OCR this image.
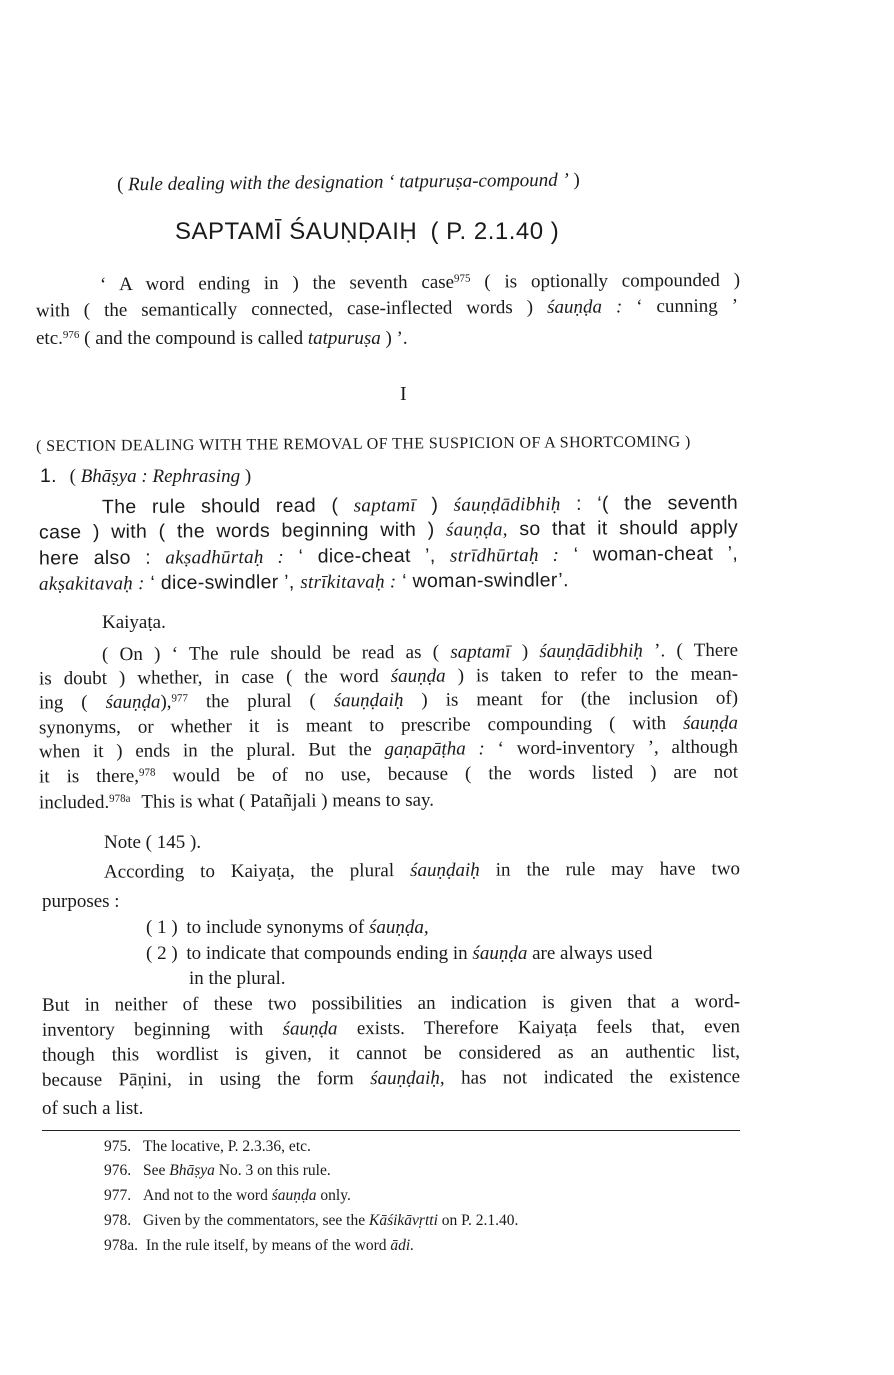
( Rule dealing with the designation ‘ tatpuruṣa-compound ’ )
SAPTAMĪ ŚAUṆḌAIḤ ( P. 2.1.40 )
‘ A word ending in ) the seventh case$^{975}$ ( is optionally compounded )
with ( the semantically connected, case-inflected words ) śauṇḍa : ‘ cunning ’
etc.$^{976}$ ( and the compound is called tatpuruṣa ) ’.
I
( SECTION DEALING WITH THE REMOVAL OF THE SUSPICION OF A SHORTCOMING )
1. ( Bhāṣya : Rephrasing )
The rule should read ( saptamī ) śauṇḍādibhiḥ : ‘( the seventh
case ) with ( the words beginning with ) śauṇḍa, so that it should apply
here also : akṣadhūrtaḥ : ‘ dice-cheat ’, strīdhūrtaḥ : ‘ woman-cheat ’,
akṣakitavaḥ : ‘ dice-swindler ’, strīkitavaḥ : ‘ woman-swindler’.
Kaiyaṭa.
( On ) ‘ The rule should be read as ( saptamī ) śauṇḍādibhiḥ ’. ( There
is doubt ) whether, in case ( the word śauṇḍa ) is taken to refer to the mean-
ing ( śauṇḍa),$^{977}$ the plural ( śauṇḍaiḥ ) is meant for (the inclusion of)
synonyms, or whether it is meant to prescribe compounding ( with śauṇḍa
when it ) ends in the plural. But the gaṇapāṭha : ‘ word-inventory ’, although
it is there,$^{978}$ would be of no use, because ( the words listed ) are not
included.$^{978a}$ This is what ( Patañjali ) means to say.
Note ( 145 ).
According to Kaiyaṭa, the plural śauṇḍaiḥ in the rule may have two
purposes :
( 1 ) to include synonyms of śauṇḍa,
( 2 ) to indicate that compounds ending in śauṇḍa are always used
in the plural.
But in neither of these two possibilities an indication is given that a word-
inventory beginning with śauṇḍa exists. Therefore Kaiyaṭa feels that, even
though this wordlist is given, it cannot be considered as an authentic list,
because Pāṇini, in using the form śauṇḍaiḥ, has not indicated the existence
of such a list.
975. The locative, P. 2.3.36, etc.
976. See Bhāṣya No. 3 on this rule.
977. And not to the word śauṇḍa only.
978. Given by the commentators, see the Kāśikāvṛtti on P. 2.1.40.
978a. In the rule itself, by means of the word ādi.
